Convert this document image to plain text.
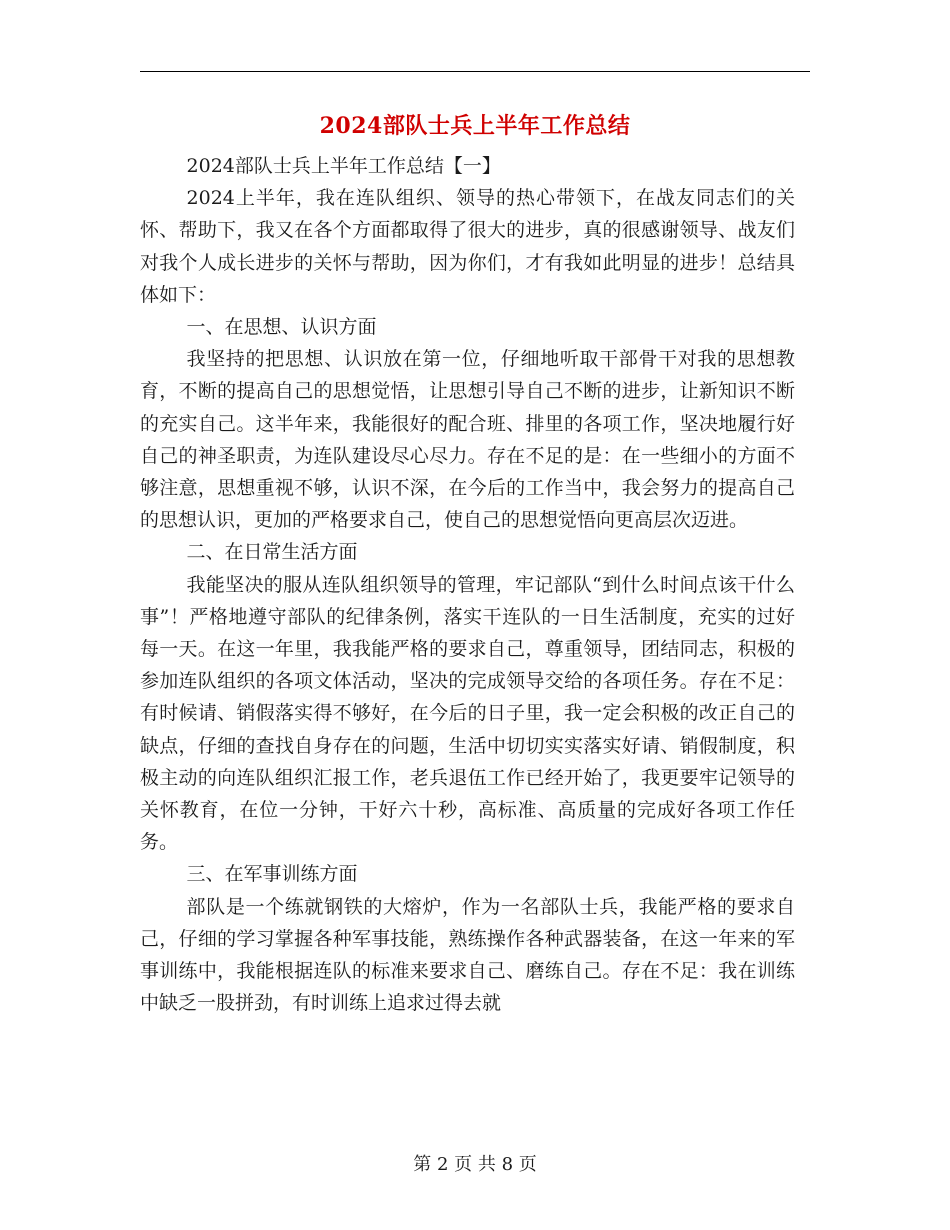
2024部队士兵上半年工作总结

2024部队士兵上半年工作总结【一】

2024上半年，我在连队组织、领导的热心带领下，在战友同志们的关怀、帮助下，我又在各个方面都取得了很大的进步，真的很感谢领导、战友们对我个人成长进步的关怀与帮助，因为你们，才有我如此明显的进步！总结具体如下：

一、在思想、认识方面

我坚持的把思想、认识放在第一位，仔细地听取干部骨干对我的思想教育，不断的提高自己的思想觉悟，让思想引导自己不断的进步，让新知识不断的充实自己。这半年来，我能很好的配合班、排里的各项工作，坚决地履行好自己的神圣职责，为连队建设尽心尽力。存在不足的是：在一些细小的方面不够注意，思想重视不够，认识不深，在今后的工作当中，我会努力的提高自己的思想认识，更加的严格要求自己，使自己的思想觉悟向更高层次迈进。

二、在日常生活方面

我能坚决的服从连队组织领导的管理，牢记部队“到什么时间点该干什么事”！严格地遵守部队的纪律条例，落实干连队的一日生活制度，充实的过好每一天。在这一年里，我我能严格的要求自己，尊重领导，团结同志，积极的参加连队组织的各项文体活动，坚决的完成领导交给的各项任务。存在不足：有时候请、销假落实得不够好，在今后的日子里，我一定会积极的改正自己的缺点，仔细的查找自身存在的问题，生活中切切实实落实好请、销假制度，积极主动的向连队组织汇报工作，老兵退伍工作已经开始了，我更要牢记领导的关怀教育，在位一分钟，干好六十秒，高标准、高质量的完成好各项工作任务。

三、在军事训练方面

部队是一个练就钢铁的大熔炉，作为一名部队士兵，我能严格的要求自己，仔细的学习掌握各种军事技能，熟练操作各种武器装备，在这一年来的军事训练中，我能根据连队的标准来要求自己、磨练自己。存在不足：我在训练中缺乏一股拼劲，有时训练上追求过得去就

第 2 页 共 8 页
